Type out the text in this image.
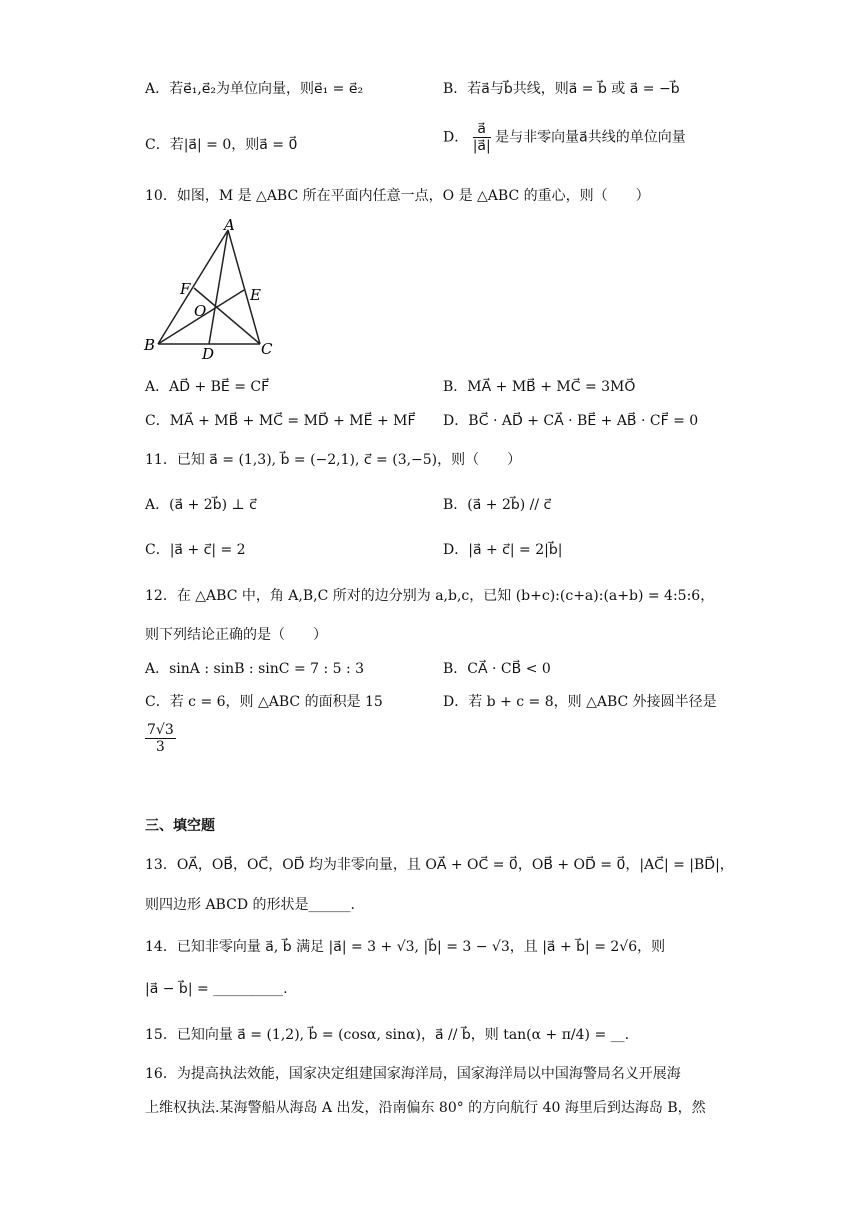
A．若e⃗₁,e⃗₂为单位向量，则e⃗₁ = e⃗₂	B．若a⃗与b⃗共线，则a⃗ = b⃗ 或 a⃗ = −b⃗
C．若|a⃗| = 0，则a⃗ = 0⃗	D． $\frac{a⃗}{|a⃗|}$ 是与非零向量a⃗共线的单位向量
10．如图，M 是 △ABC 所在平面内任意一点，O 是 △ABC 的重心，则（　　）
A
B	C
D
E
F
O
A．AD⃗ + BE⃗ = CF⃗	B．MA⃗ + MB⃗ + MC⃗ = 3MO⃗
C．MA⃗ + MB⃗ + MC⃗ = MD⃗ + ME⃗ + MF⃗ D．BC⃗ · AD⃗ + CA⃗ · BE⃗ + AB⃗ · CF⃗ = 0
11．已知 a⃗ = (1,3), b⃗ = (−2,1), c⃗ = (3,−5)，则（　　）
A．(a⃗ + 2b⃗) ⊥ c⃗	B．(a⃗ + 2b⃗) // c⃗
C．|a⃗ + c⃗| = 2	D．|a⃗ + c⃗| = 2|b⃗|
12．在 △ABC 中，角 A,B,C 所对的边分别为 a,b,c，已知 (b+c):(c+a):(a+b) = 4:5:6，
则下列结论正确的是（　　）
A．sinA : sinB : sinC = 7 : 5 : 3	B．CA⃗ · CB⃗ < 0
C．若 c = 6，则 △ABC 的面积是 15	D．若 b + c = 8，则 △ABC 外接圆半径是
$\frac{7√3}{3}$
三、填空题
13．OA⃗，OB⃗，OC⃗，OD⃗ 均为非零向量，且 OA⃗ + OC⃗ = 0⃗，OB⃗ + OD⃗ = 0⃗，|AC⃗| = |BD⃗|，
则四边形 ABCD 的形状是______.
14．已知非零向量 a⃗, b⃗ 满足 |a⃗| = 3 + √3, |b⃗| = 3 − √3，且 |a⃗ + b⃗| = 2√6，则
|a⃗ − b⃗| = __________.
15．已知向量 a⃗ = (1,2), b⃗ = (cosα, sinα)，a⃗ // b⃗，则 tan(α + π/4) = __.
16．为提高执法效能，国家决定组建国家海洋局，国家海洋局以中国海警局名义开展海
上维权执法.某海警船从海岛 A 出发，沿南偏东 80° 的方向航行 40 海里后到达海岛 B，然
